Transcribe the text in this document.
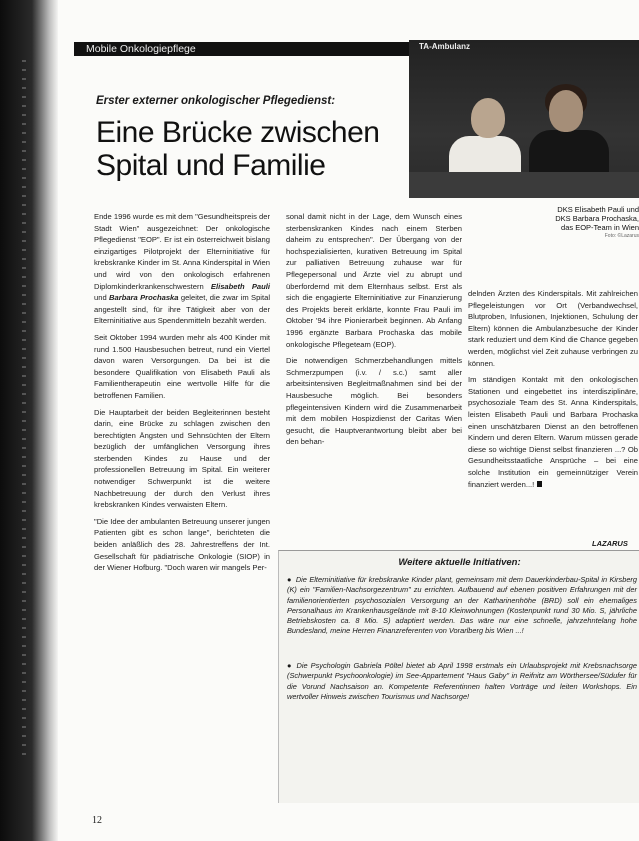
Mobile Onkologiepflege	TA-Ambulanz
DKS Elisabeth Pauli und
DKS Barbara Prochaska,
das EOP-Team in Wien
Foto: ©Lazarus
Erster externer onkologischer Pflegedienst:
Eine Brücke zwischen
Spital und Familie

Ende 1996 wurde es mit dem "Gesundheitspreis der Stadt Wien" ausgezeichnet: Der onkologische Pflegedienst "EOP". Er ist ein österreichweit bislang einzigartiges Pilotprojekt der Elterninitiative für krebskranke Kinder im St. Anna Kinderspital in Wien und wird von den onkologisch erfahrenen Diplomkinderkrankenschwestern Elisabeth Pauli und Barbara Prochaska geleitet, die zwar im Spital angestellt sind, für ihre Tätigkeit aber von der Elterninitiative aus Spendenmitteln bezahlt werden.

Seit Oktober 1994 wurden mehr als 400 Kinder mit rund 1.500 Hausbesuchen betreut, rund ein Viertel davon waren Versorgungen. Da bei ist die besondere Qualifikation von Elisabeth Pauli als Familientherapeutin eine wertvolle Hilfe für die betroffenen Familien.

Die Hauptarbeit der beiden Begleiterinnen besteht darin, eine Brücke zu schlagen zwischen den berechtigten Ängsten und Sehnsüchten der Eltern bezüglich der umfänglichen Versorgung ihres sterbenden Kindes zu Hause und der professionellen Betreuung im Spital. Ein weiterer notwendiger Schwerpunkt ist die weitere Nachbetreuung der durch den Verlust ihres krebskranken Kindes verwaisten Eltern.

"Die Idee der ambulanten Betreuung unserer jungen Patienten gibt es schon lange", berichteten die beiden anläßlich des 28. Jahrestreffens der Int. Gesellschaft für pädiatrische Onkologie (SIOP) in der Wiener Hofburg. "Doch waren wir mangels Per-

sonal damit nicht in der Lage, dem Wunsch eines sterbenskranken Kindes nach einem Sterben daheim zu entsprechen". Der Übergang von der hochspezialisierten, kurativen Betreuung im Spital zur palliativen Betreuung zuhause war für Pflegepersonal und Ärzte viel zu abrupt und überfordernd mit dem Elternhaus selbst. Erst als sich die engagierte Elterninitiative zur Finanzierung des Projekts bereit erklärte, konnte Frau Pauli im Oktober '94 ihre Pionierarbeit beginnen. Ab Anfang 1996 ergänzte Barbara Prochaska das mobile onkologische Pflegeteam (EOP).

Die notwendigen Schmerzbehandlungen mittels Schmerzpumpen (i.v. / s.c.) samt aller arbeitsintensiven Begleitmaßnahmen sind bei der Hausbesuche möglich. Bei besonders pflegeintensiven Kindern wird die Zusammenarbeit mit dem mobilen Hospizdienst der Caritas Wien gesucht, die Hauptverantwortung bleibt aber bei den behan-

delnden Ärzten des Kinderspitals. Mit zahlreichen Pflegeleistungen vor Ort (Verbandwechsel, Blutproben, Infusionen, Injektionen, Schulung der Eltern) können die Ambulanzbesuche der Kinder stark reduziert und dem Kind die Chance gegeben werden, möglichst viel Zeit zuhause verbringen zu können.

Im ständigen Kontakt mit den onkologischen Stationen und eingebettet ins interdisziplinäre, psychosoziale Team des St. Anna Kinderspitals, leisten Elisabeth Pauli und Barbara Prochaska einen unschätzbaren Dienst an den betroffenen Kindern und deren Eltern. Warum müssen gerade diese so wichtige Dienst selbst finanzieren ...? Ob Gesundheitsstaatliche Ansprüche – bei eine solche Institution ein gemeinnütziger Verein finanziert werden...!

LAZARUS
Weitere aktuelle Initiativen:
● Die Elterninitiative für krebskranke Kinder plant, gemeinsam mit dem Dauerkinderbau-Spital in Kirsberg (K) ein "Familien-Nachsorgezentrum" zu errichten. Aufbauend auf ebenen positiven Erfahrungen mit der familienorientierten psychosozialen Versorgung an der Katharinenhöhe (BRD) soll ein ehemaliges Personalhaus im Krankenhausgelände mit 8-10 Kleinwohnungen (Kostenpunkt rund 30 Mio. S, jährliche Betriebskosten ca. 8 Mio. S) adaptiert werden. Das wäre nur eine schnelle, jahrzehntelang hohe Bundesland, meine Herren Finanzreferenten von Vorarlberg bis Wien ...!
● Die Psychologin Gabriela Pöltel bietet ab April 1998 erstmals ein Urlaubsprojekt mit Krebsnachsorge (Schwerpunkt Psychoonkologie) im See-Appartement "Haus Gaby" in Reifnitz am Wörthersee/Südufer für die Vorund Nachsaison an. Kompetente Referentinnen halten Vorträge und leiten Workshops. Ein wertvoller Hinweis zwischen Tourismus und Nachsorge!
12
